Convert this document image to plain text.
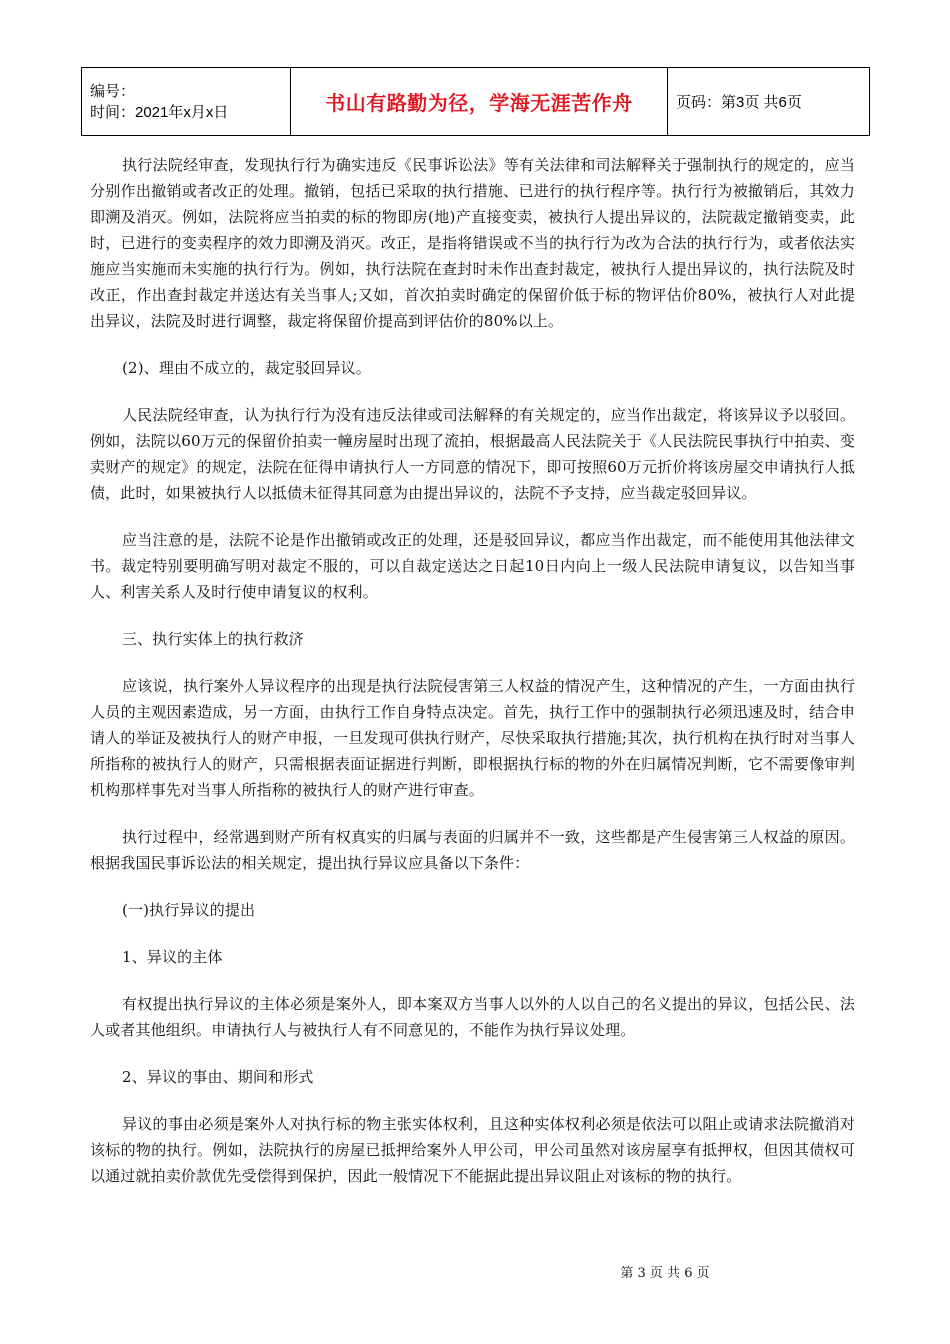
编号：
时间：2021年x月x日	书山有路勤为径，学海无涯苦作舟	页码：第3页 共6页

执行法院经审查，发现执行行为确实违反《民事诉讼法》等有关法律和司法解释关于强制执行的规定的，应当分别作出撤销或者改正的处理。撤销，包括已采取的执行措施、已进行的执行程序等。执行行为被撤销后，其效力即溯及消灭。例如，法院将应当拍卖的标的物即房(地)产直接变卖，被执行人提出异议的，法院裁定撤销变卖，此时，已进行的变卖程序的效力即溯及消灭。改正，是指将错误或不当的执行行为改为合法的执行行为，或者依法实施应当实施而未实施的执行行为。例如，执行法院在查封时未作出查封裁定，被执行人提出异议的，执行法院及时改正，作出查封裁定并送达有关当事人;又如，首次拍卖时确定的保留价低于标的物评估价80%，被执行人对此提出异议，法院及时进行调整，裁定将保留价提高到评估价的80%以上。

(2)、理由不成立的，裁定驳回异议。

人民法院经审查，认为执行行为没有违反法律或司法解释的有关规定的，应当作出裁定，将该异议予以驳回。例如，法院以60万元的保留价拍卖一幢房屋时出现了流拍，根据最高人民法院关于《人民法院民事执行中拍卖、变卖财产的规定》的规定，法院在征得申请执行人一方同意的情况下，即可按照60万元折价将该房屋交申请执行人抵债，此时，如果被执行人以抵债未征得其同意为由提出异议的，法院不予支持，应当裁定驳回异议。

应当注意的是，法院不论是作出撤销或改正的处理，还是驳回异议，都应当作出裁定，而不能使用其他法律文书。裁定特别要明确写明对裁定不服的，可以自裁定送达之日起10日内向上一级人民法院申请复议，以告知当事人、利害关系人及时行使申请复议的权利。

三、执行实体上的执行救济

应该说，执行案外人异议程序的出现是执行法院侵害第三人权益的情况产生，这种情况的产生，一方面由执行人员的主观因素造成，另一方面，由执行工作自身特点决定。首先，执行工作中的强制执行必须迅速及时，结合申请人的举证及被执行人的财产申报，一旦发现可供执行财产，尽快采取执行措施;其次，执行机构在执行时对当事人所指称的被执行人的财产，只需根据表面证据进行判断，即根据执行标的物的外在归属情况判断，它不需要像审判机构那样事先对当事人所指称的被执行人的财产进行审查。

执行过程中，经常遇到财产所有权真实的归属与表面的归属并不一致，这些都是产生侵害第三人权益的原因。根据我国民事诉讼法的相关规定，提出执行异议应具备以下条件：

(一)执行异议的提出

1、异议的主体

有权提出执行异议的主体必须是案外人，即本案双方当事人以外的人以自己的名义提出的异议，包括公民、法人或者其他组织。申请执行人与被执行人有不同意见的，不能作为执行异议处理。

2、异议的事由、期间和形式

异议的事由必须是案外人对执行标的物主张实体权利，且这种实体权利必须是依法可以阻止或请求法院撤消对该标的物的执行。例如，法院执行的房屋已抵押给案外人甲公司，甲公司虽然对该房屋享有抵押权，但因其债权可以通过就拍卖价款优先受偿得到保护，因此一般情况下不能据此提出异议阻止对该标的物的执行。

第 3 页 共 6 页
